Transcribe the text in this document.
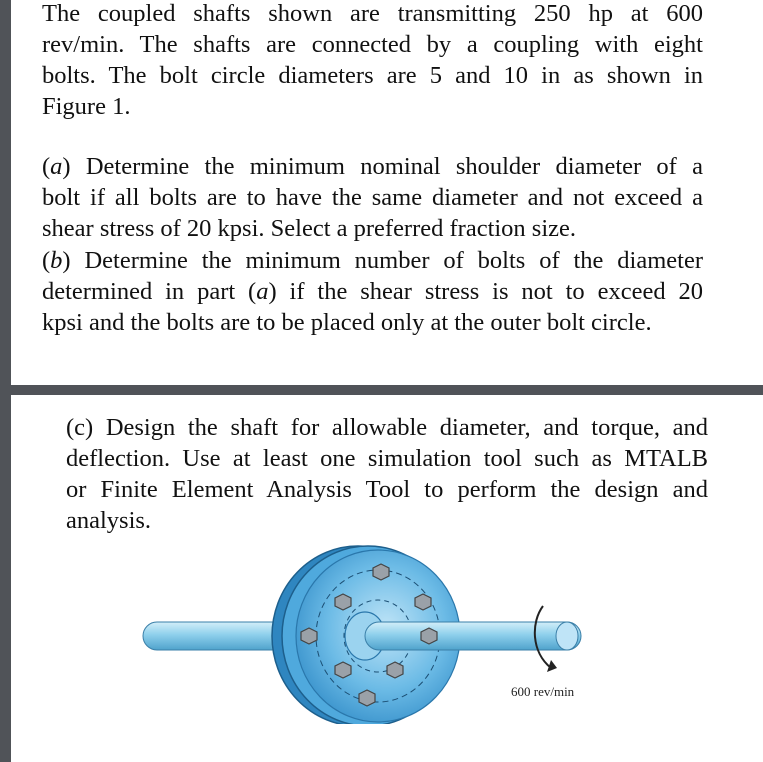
The coupled shafts shown are transmitting 250 hp at 600
rev/min. The shafts are connected by a coupling with eight
bolts. The bolt circle diameters are 5 and 10 in as shown in
Figure 1.

(a) Determine the minimum nominal shoulder diameter of a
bolt if all bolts are to have the same diameter and not exceed a
shear stress of 20 kpsi. Select a preferred fraction size.

(b) Determine the minimum number of bolts of the diameter
determined in part (a) if the shear stress is not to exceed 20
kpsi and the bolts are to be placed only at the outer bolt circle.

(c) Design the shaft for allowable diameter, and torque, and
deflection. Use at least one simulation tool such as MTALB
or Finite Element Analysis Tool to perform the design and
analysis.

600 rev/min
